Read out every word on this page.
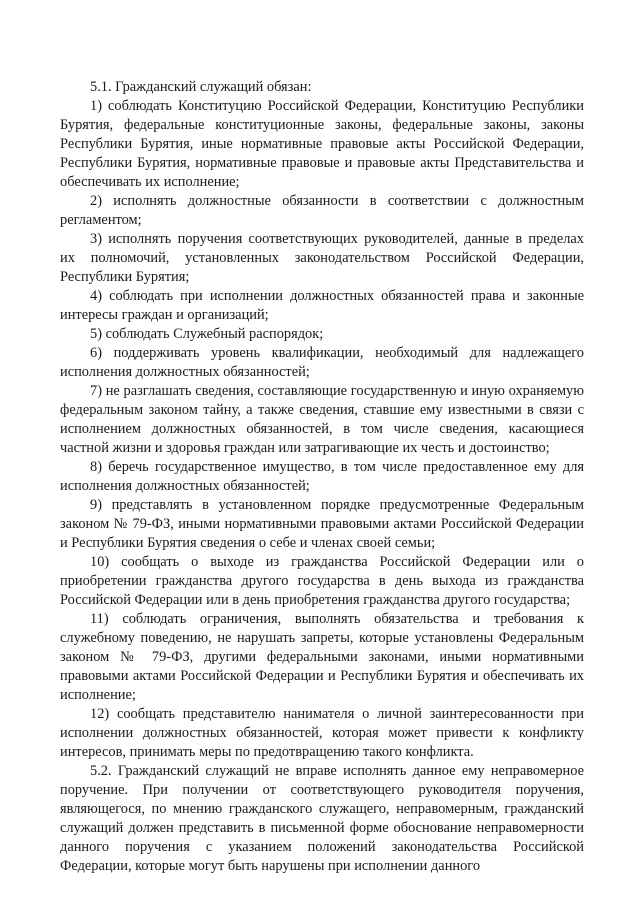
5.1. Гражданский служащий обязан:

1) соблюдать Конституцию Российской Федерации, Конституцию Республики Бурятия, федеральные конституционные законы, федеральные законы, законы Республики Бурятия, иные нормативные правовые акты Российской Федерации, Республики Бурятия, нормативные правовые и правовые акты Представительства и обеспечивать их исполнение;

2) исполнять должностные обязанности в соответствии с должностным регламентом;

3) исполнять поручения соответствующих руководителей, данные в пределах их полномочий, установленных законодательством Российской Федерации, Республики Бурятия;

4) соблюдать при исполнении должностных обязанностей права и законные интересы граждан и организаций;

5) соблюдать Служебный распорядок;

6) поддерживать уровень квалификации, необходимый для надлежащего исполнения должностных обязанностей;

7) не разглашать сведения, составляющие государственную и иную охраняемую федеральным законом тайну, а также сведения, ставшие ему известными в связи с исполнением должностных обязанностей, в том числе сведения, касающиеся частной жизни и здоровья граждан или затрагивающие их честь и достоинство;

8) беречь государственное имущество, в том числе предоставленное ему для исполнения должностных обязанностей;

9) представлять в установленном порядке предусмотренные Федеральным законом № 79-ФЗ, иными нормативными правовыми актами Российской Федерации и Республики Бурятия сведения о себе и членах своей семьи;

10) сообщать о выходе из гражданства Российской Федерации или о приобретении гражданства другого государства в день выхода из гражданства Российской Федерации или в день приобретения гражданства другого государства;

11) соблюдать ограничения, выполнять обязательства и требования к служебному поведению, не нарушать запреты, которые установлены Федеральным законом № 79-ФЗ, другими федеральными законами, иными нормативными правовыми актами Российской Федерации и Республики Бурятия и обеспечивать их исполнение;

12) сообщать представителю нанимателя о личной заинтересованности при исполнении должностных обязанностей, которая может привести к конфликту интересов, принимать меры по предотвращению такого конфликта.

5.2. Гражданский служащий не вправе исполнять данное ему неправомерное поручение. При получении от соответствующего руководителя поручения, являющегося, по мнению гражданского служащего, неправомерным, гражданский служащий должен представить в письменной форме обоснование неправомерности данного поручения с указанием положений законодательства Российской Федерации, которые могут быть нарушены при исполнении данного
